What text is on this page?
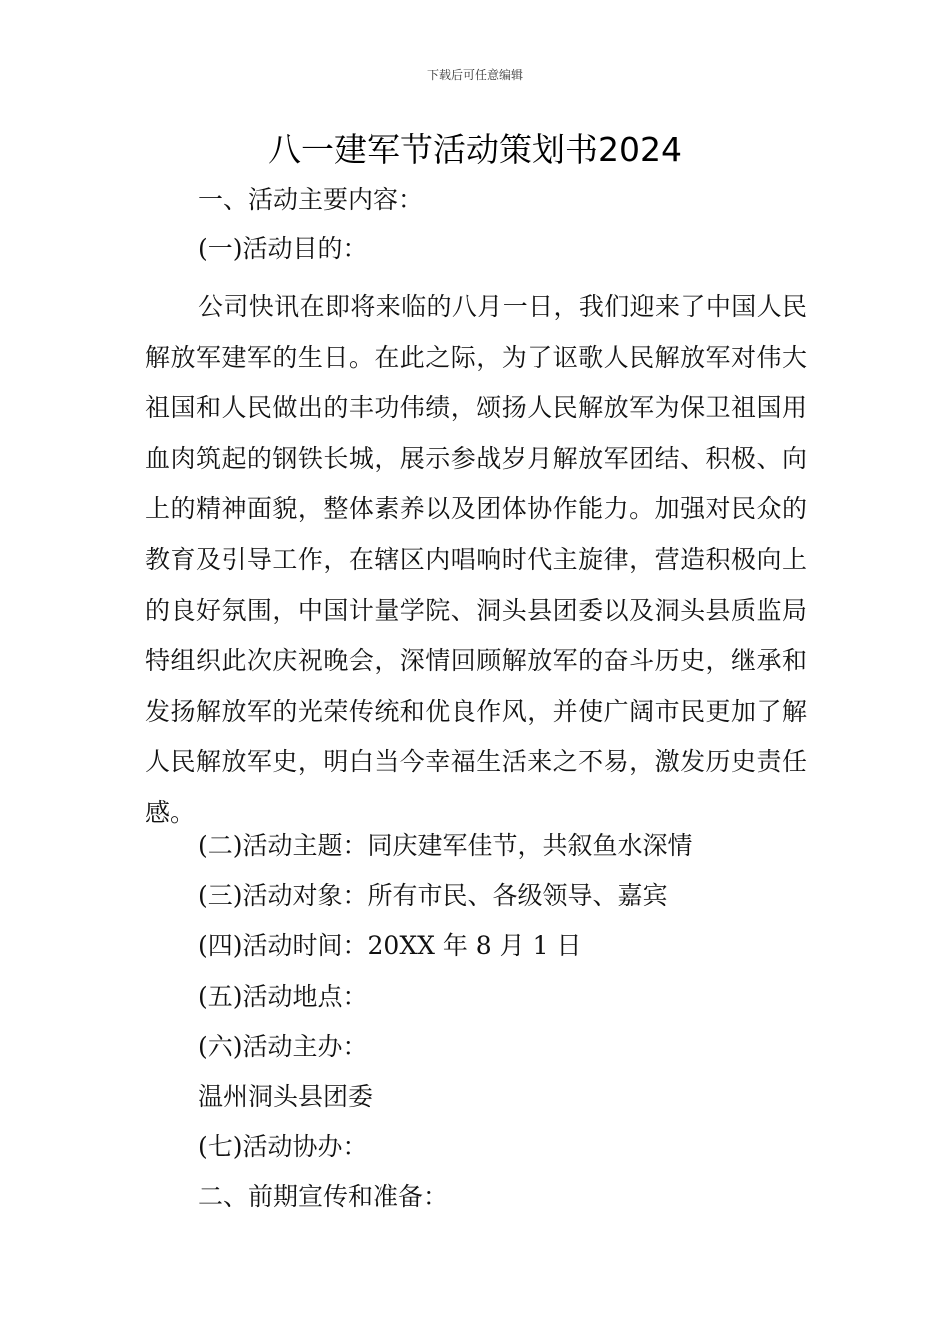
下载后可任意编辑
八一建军节活动策划书2024
一、活动主要内容：
(一)活动目的：

公司快讯在即将来临的八月一日，我们迎来了中国人民解放军建军的生日。在此之际，为了讴歌人民解放军对伟大祖国和人民做出的丰功伟绩，颂扬人民解放军为保卫祖国用血肉筑起的钢铁长城，展示参战岁月解放军团结、积极、向上的精神面貌，整体素养以及团体协作能力。加强对民众的教育及引导工作，在辖区内唱响时代主旋律，营造积极向上的良好氛围，中国计量学院、洞头县团委以及洞头县质监局特组织此次庆祝晚会，深情回顾解放军的奋斗历史，继承和发扬解放军的光荣传统和优良作风，并使广阔市民更加了解人民解放军史，明白当今幸福生活来之不易，激发历史责任感。

(二)活动主题：同庆建军佳节，共叙鱼水深情
(三)活动对象：所有市民、各级领导、嘉宾
(四)活动时间：20XX 年 8 月 1 日
(五)活动地点：
(六)活动主办：
温州洞头县团委
(七)活动协办：
二、前期宣传和准备：
